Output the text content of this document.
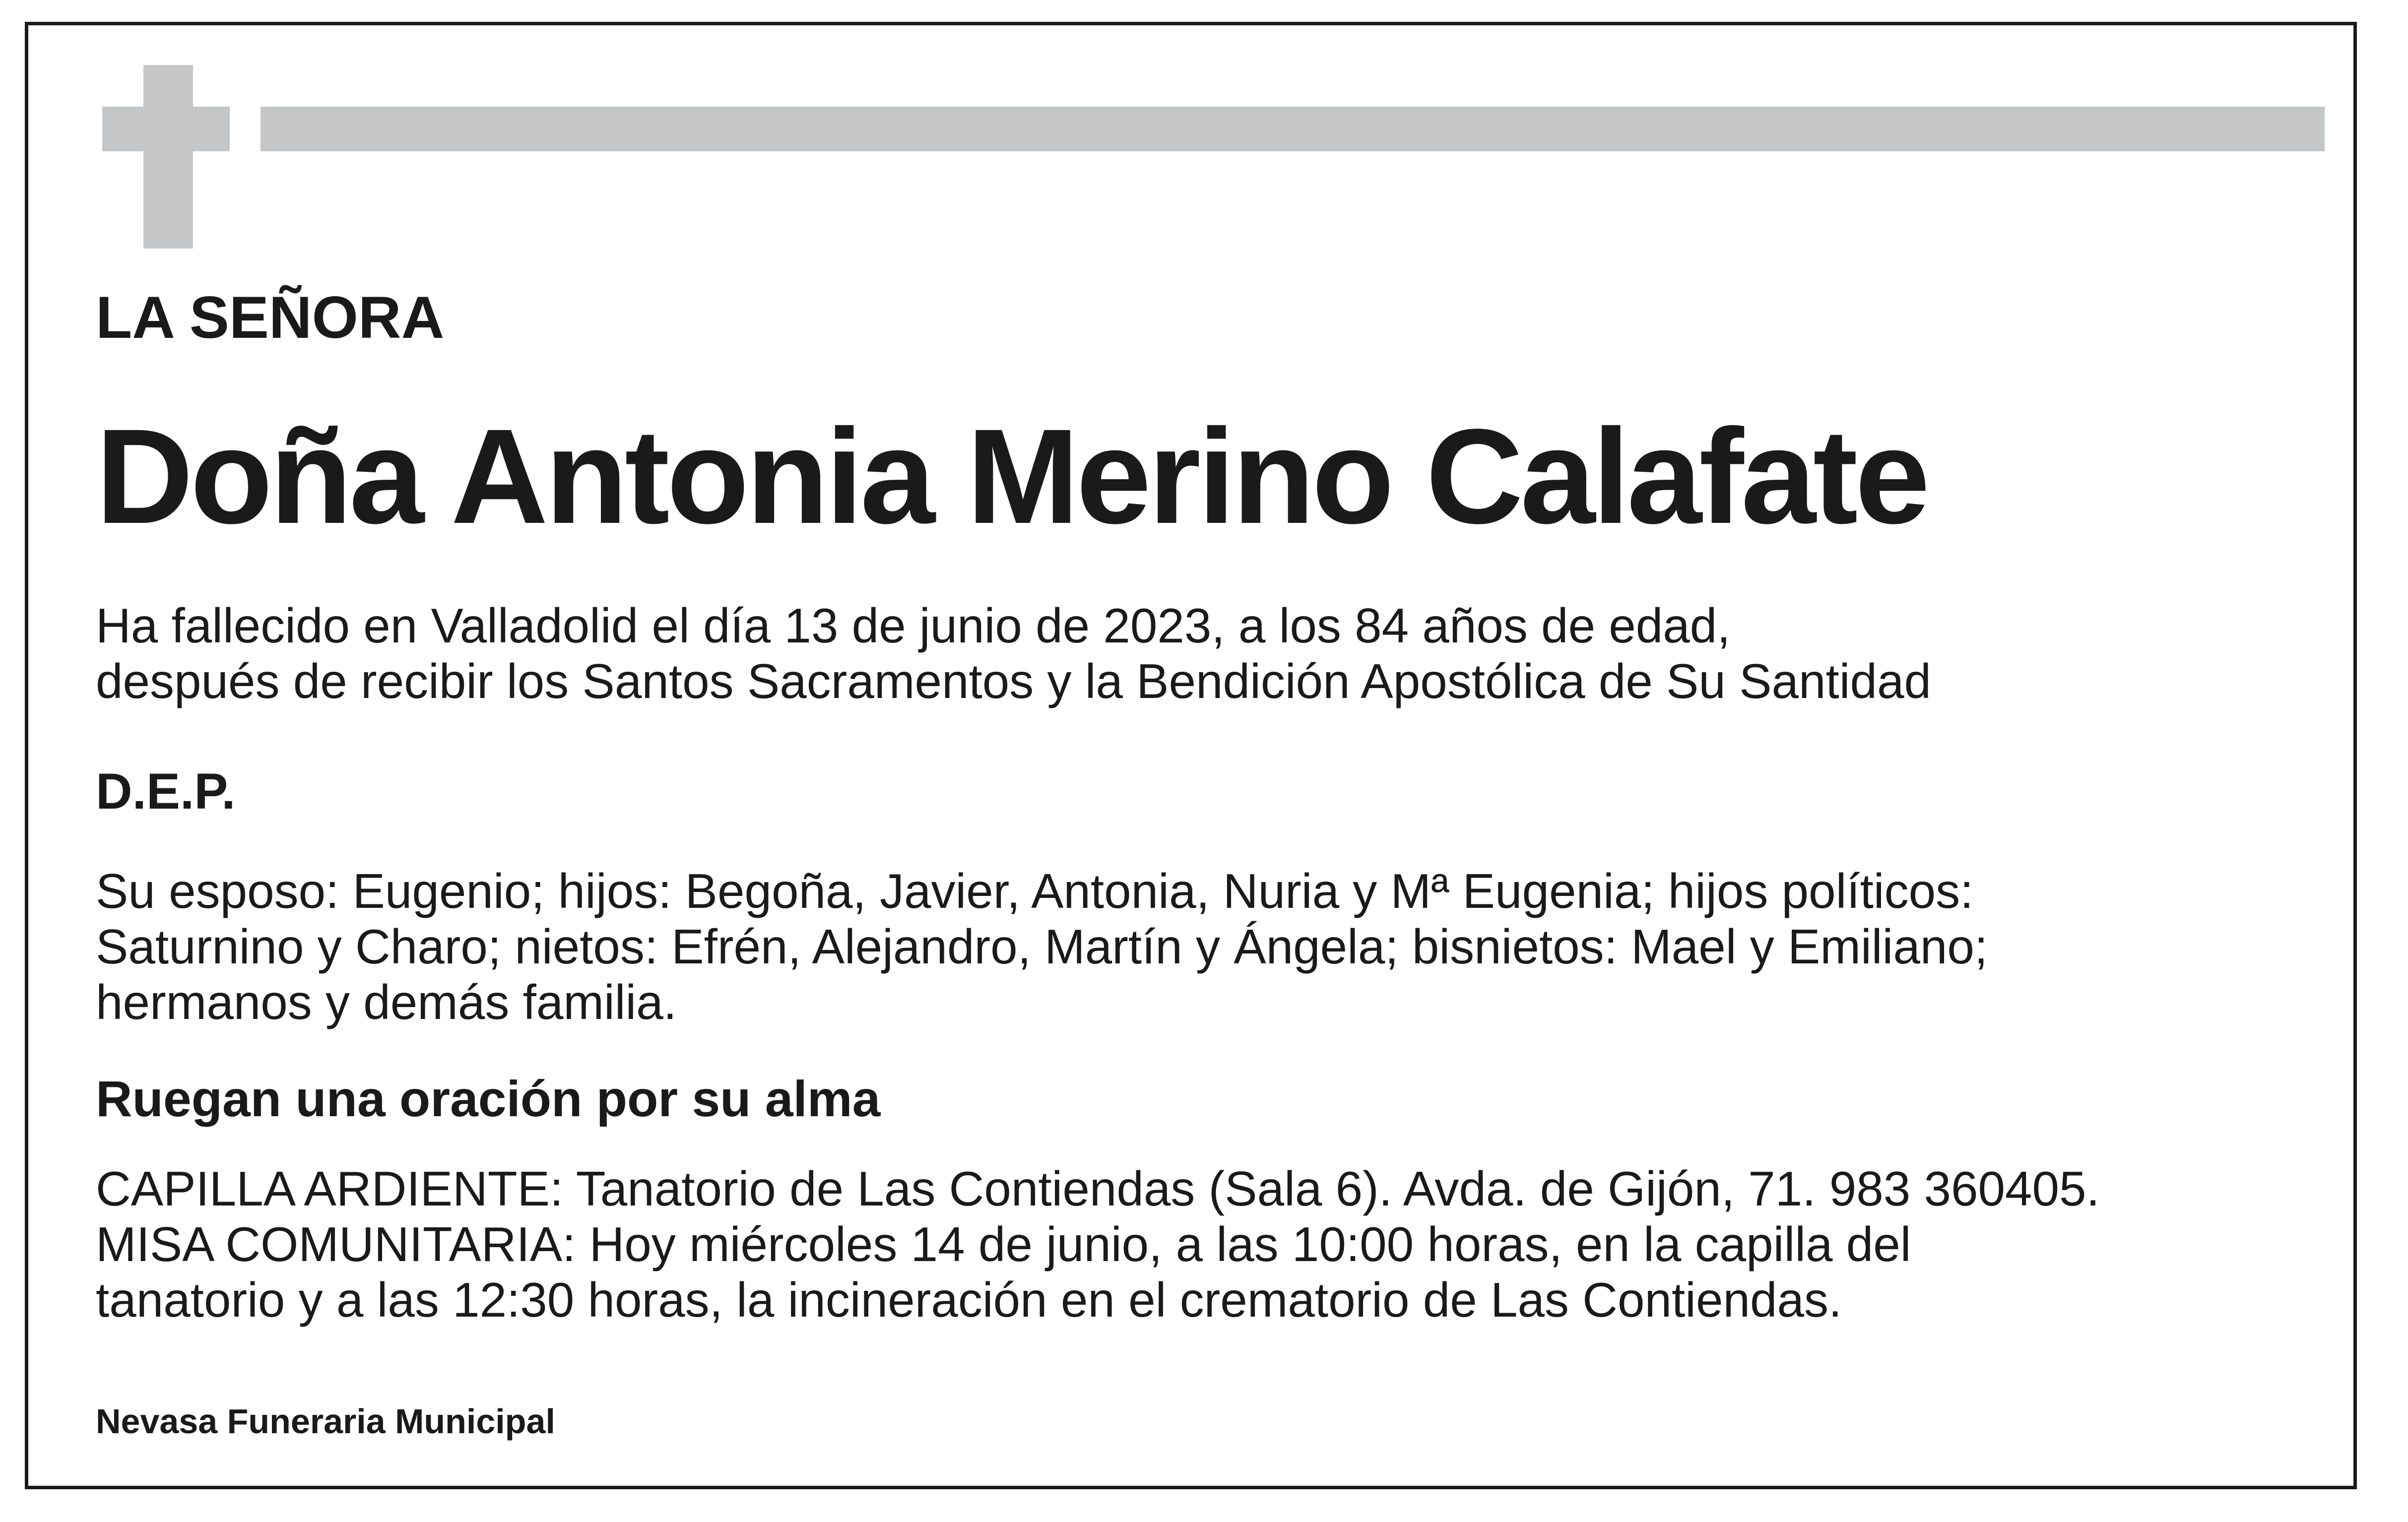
LA SEÑORA

Doña Antonia Merino Calafate

Ha fallecido en Valladolid el día 13 de junio de 2023, a los 84 años de edad,
después de recibir los Santos Sacramentos y la Bendición Apostólica de Su Santidad

D.E.P.

Su esposo: Eugenio; hijos: Begoña, Javier, Antonia, Nuria y Mª Eugenia; hijos políticos:
Saturnino y Charo; nietos: Efrén, Alejandro, Martín y Ángela; bisnietos: Mael y Emiliano;
hermanos y demás familia.

Ruegan una oración por su alma

CAPILLA ARDIENTE: Tanatorio de Las Contiendas (Sala 6). Avda. de Gijón, 71. 983 360405.
MISA COMUNITARIA: Hoy miércoles 14 de junio, a las 10:00 horas, en la capilla del
tanatorio y a las 12:30 horas, la incineración en el crematorio de Las Contiendas.

Nevasa Funeraria Municipal
